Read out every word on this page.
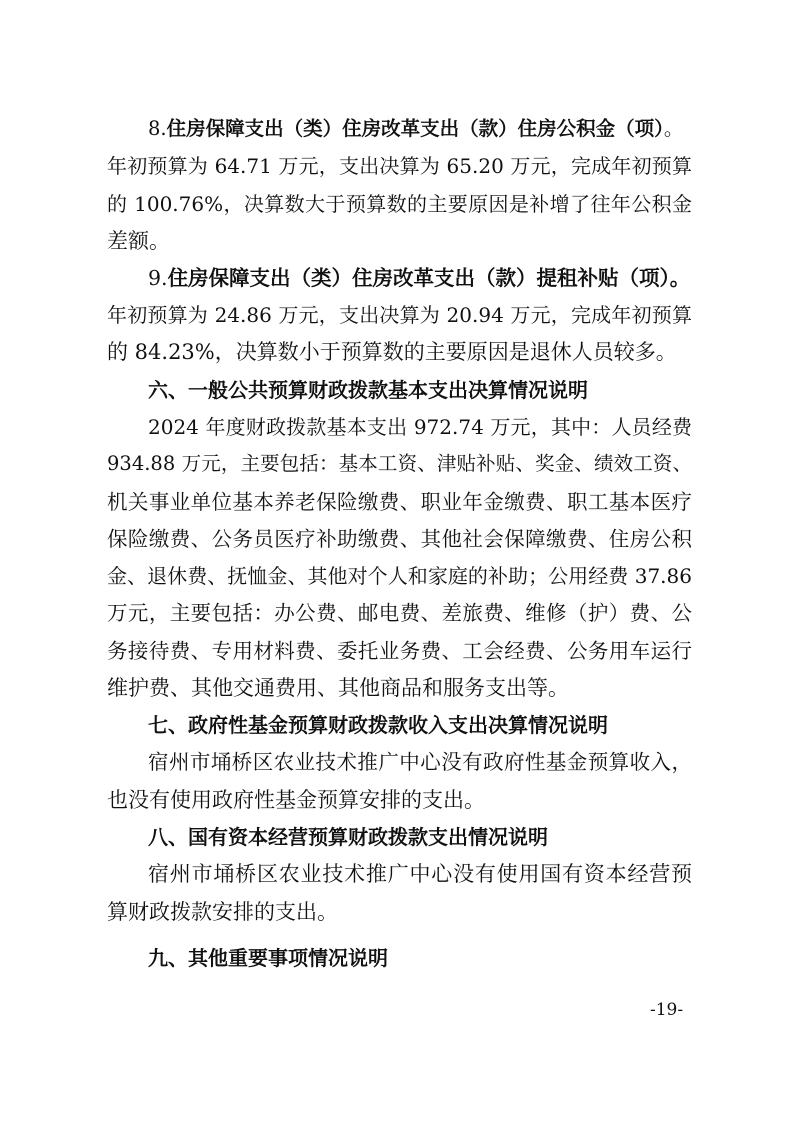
8.住房保障支出（类）住房改革支出（款）住房公积金（项）。
年初预算为 64.71 万元，支出决算为 65.20 万元，完成年初预算
的 100.76%，决算数大于预算数的主要原因是补增了往年公积金
差额。
9.住房保障支出（类）住房改革支出（款）提租补贴（项）。
年初预算为 24.86 万元，支出决算为 20.94 万元，完成年初预算
的 84.23%，决算数小于预算数的主要原因是退休人员较多。
六、一般公共预算财政拨款基本支出决算情况说明
2024 年度财政拨款基本支出 972.74 万元，其中：人员经费
934.88 万元，主要包括：基本工资、津贴补贴、奖金、绩效工资、
机关事业单位基本养老保险缴费、职业年金缴费、职工基本医疗
保险缴费、公务员医疗补助缴费、其他社会保障缴费、住房公积
金、退休费、抚恤金、其他对个人和家庭的补助；公用经费 37.86
万元，主要包括：办公费、邮电费、差旅费、维修（护）费、公
务接待费、专用材料费、委托业务费、工会经费、公务用车运行
维护费、其他交通费用、其他商品和服务支出等。
七、政府性基金预算财政拨款收入支出决算情况说明
宿州市埇桥区农业技术推广中心没有政府性基金预算收入，
也没有使用政府性基金预算安排的支出。
八、国有资本经营预算财政拨款支出情况说明
宿州市埇桥区农业技术推广中心没有使用国有资本经营预
算财政拨款安排的支出。
九、其他重要事项情况说明
-19-
